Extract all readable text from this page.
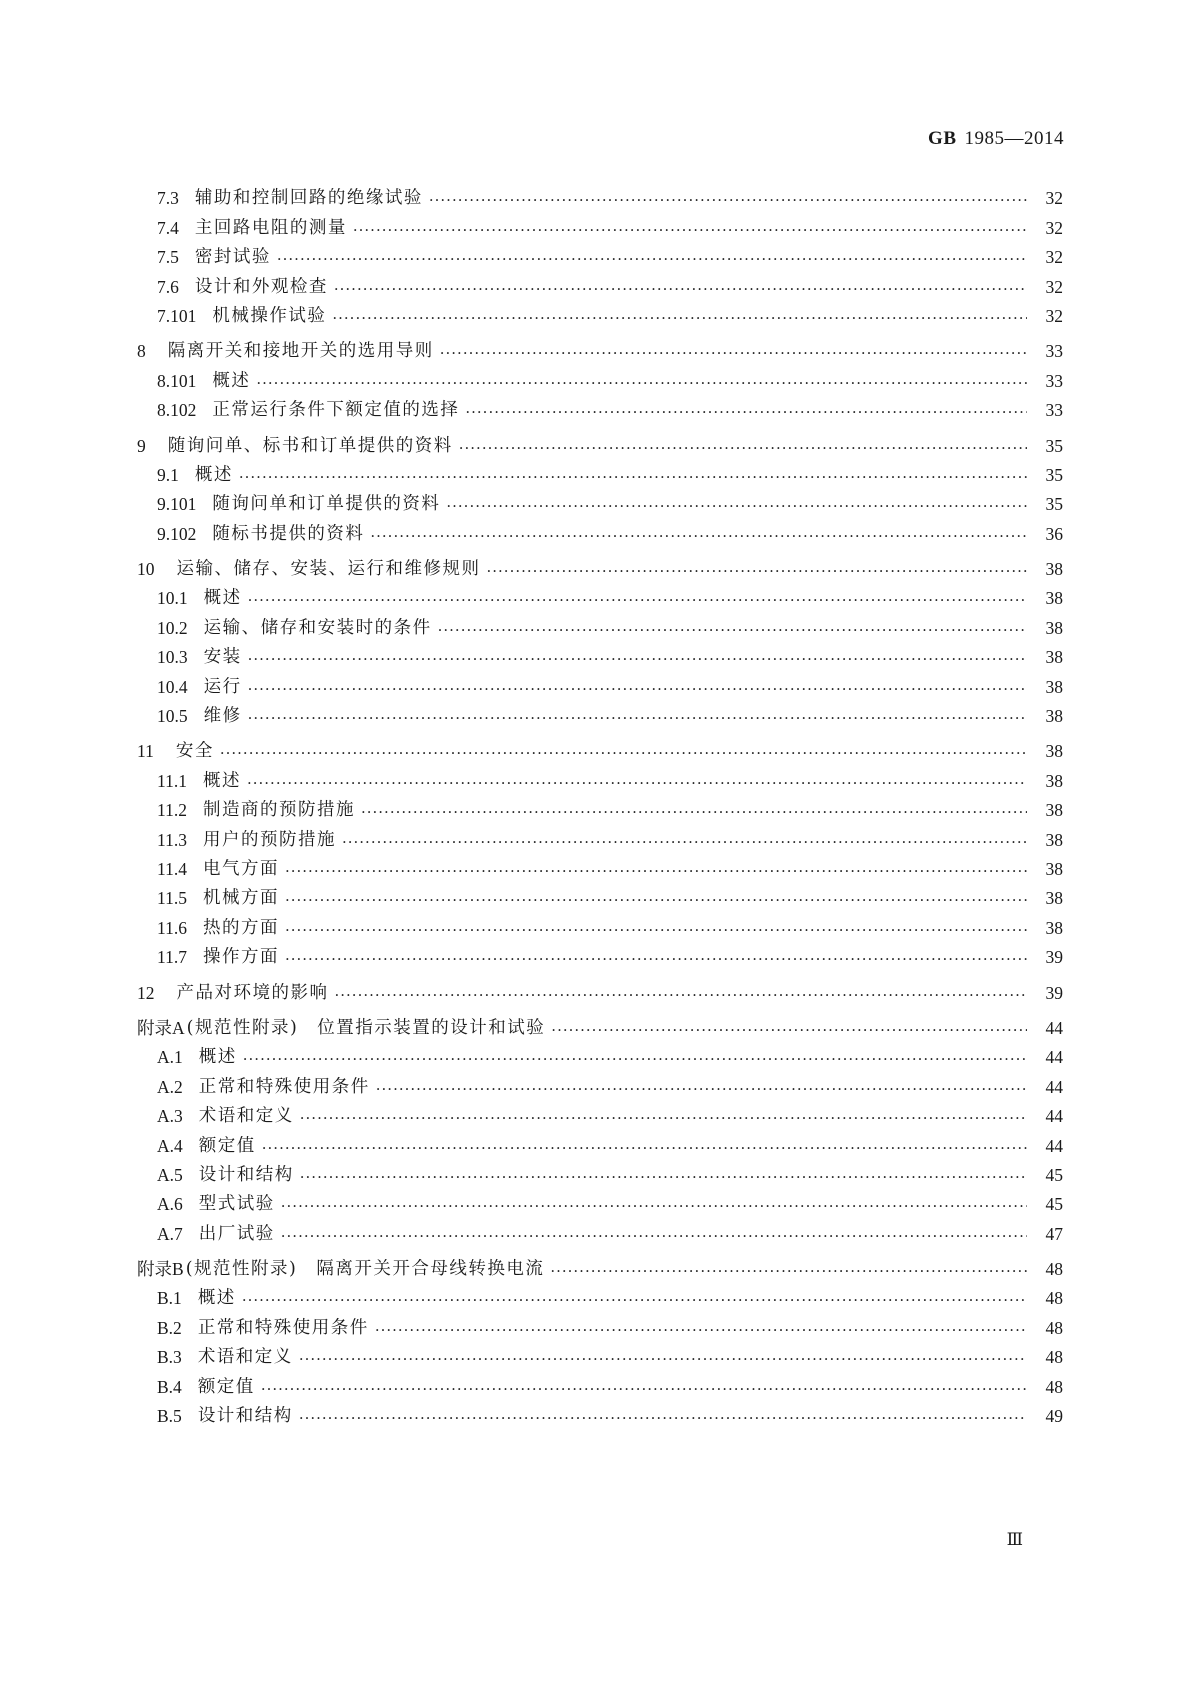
GB 1985—2014
7.3 辅助和控制回路的绝缘试验 ·····	32
7.4 主回路电阻的测量 ·····	32
7.5 密封试验 ·····	32
7.6 设计和外观检查 ·····	32
7.101 机械操作试验 ·····	32
8 隔离开关和接地开关的选用导则 ·····	33
8.101 概述 ·····	33
8.102 正常运行条件下额定值的选择 ·····	33
9 随询问单、标书和订单提供的资料 ·····	35
9.1 概述 ·····	35
9.101 随询问单和订单提供的资料 ·····	35
9.102 随标书提供的资料 ·····	36
10 运输、储存、安装、运行和维修规则 ·····	38
10.1 概述 ·····	38
10.2 运输、储存和安装时的条件 ·····	38
10.3 安装 ·····	38
10.4 运行 ·····	38
10.5 维修 ·····	38
11 安全 ·····	38
11.1 概述 ·····	38
11.2 制造商的预防措施 ·····	38
11.3 用户的预防措施 ·····	38
11.4 电气方面 ·····	38
11.5 机械方面 ·····	38
11.6 热的方面 ·····	38
11.7 操作方面 ·····	39
12 产品对环境的影响 ·····	39
附录A (规范性附录)　位置指示装置的设计和试验 ·····	44
A.1 概述 ·····	44
A.2 正常和特殊使用条件 ·····	44
A.3 术语和定义 ·····	44
A.4 额定值 ·····	44
A.5 设计和结构 ·····	45
A.6 型式试验 ·····	45
A.7 出厂试验 ·····	47
附录B (规范性附录)　隔离开关开合母线转换电流 ·····	48
B.1 概述 ·····	48
B.2 正常和特殊使用条件 ·····	48
B.3 术语和定义 ·····	48
B.4 额定值 ·····	48
B.5 设计和结构 ·····	49
Ⅲ
